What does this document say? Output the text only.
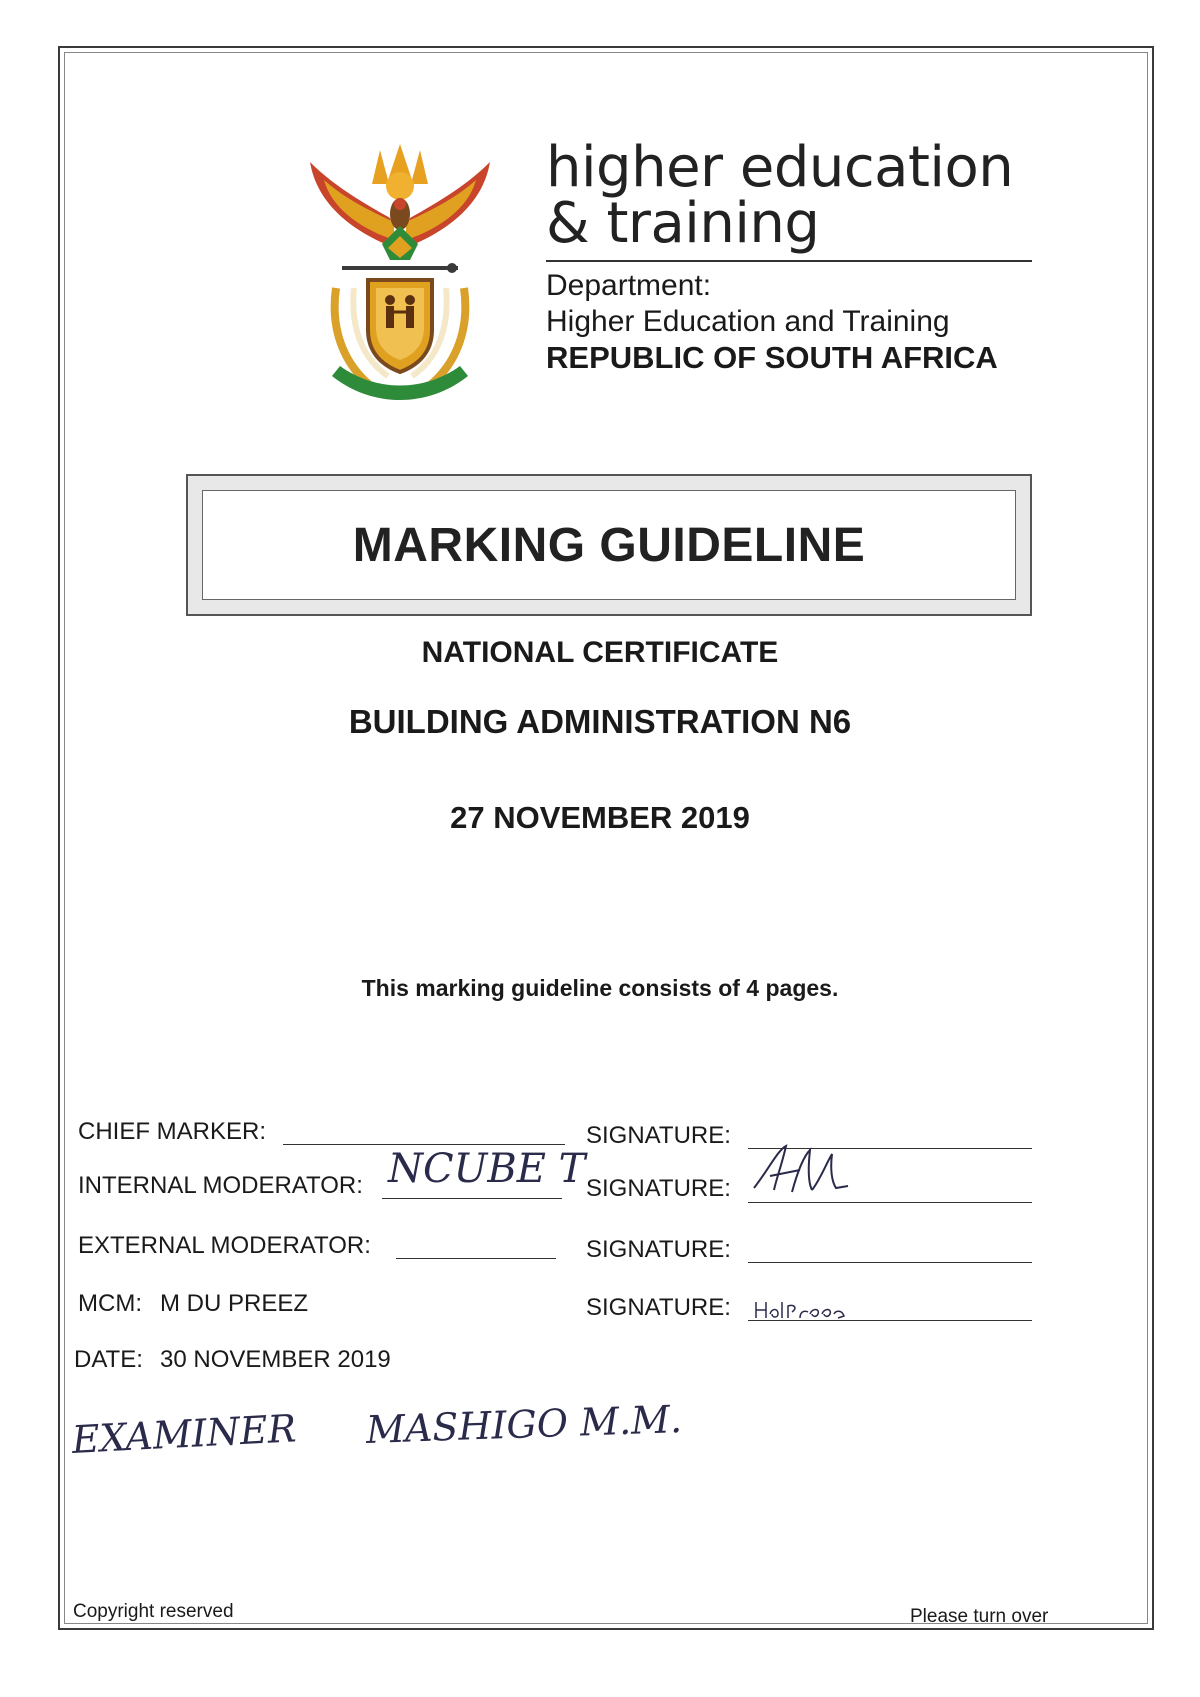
higher education
& training
Department:
Higher Education and Training
REPUBLIC OF SOUTH AFRICA
MARKING GUIDELINE
NATIONAL CERTIFICATE
BUILDING ADMINISTRATION N6
27 NOVEMBER 2019
This marking guideline consists of 4 pages.
CHIEF MARKER:	SIGNATURE:
INTERNAL MODERATOR: NCUBE T SIGNATURE:
EXTERNAL MODERATOR:	SIGNATURE:
MCM: M DU PREEZ	SIGNATURE:
DATE: 30 NOVEMBER 2019
EXAMINER MASHIGO M.M.
Copyright reserved	Please turn over
